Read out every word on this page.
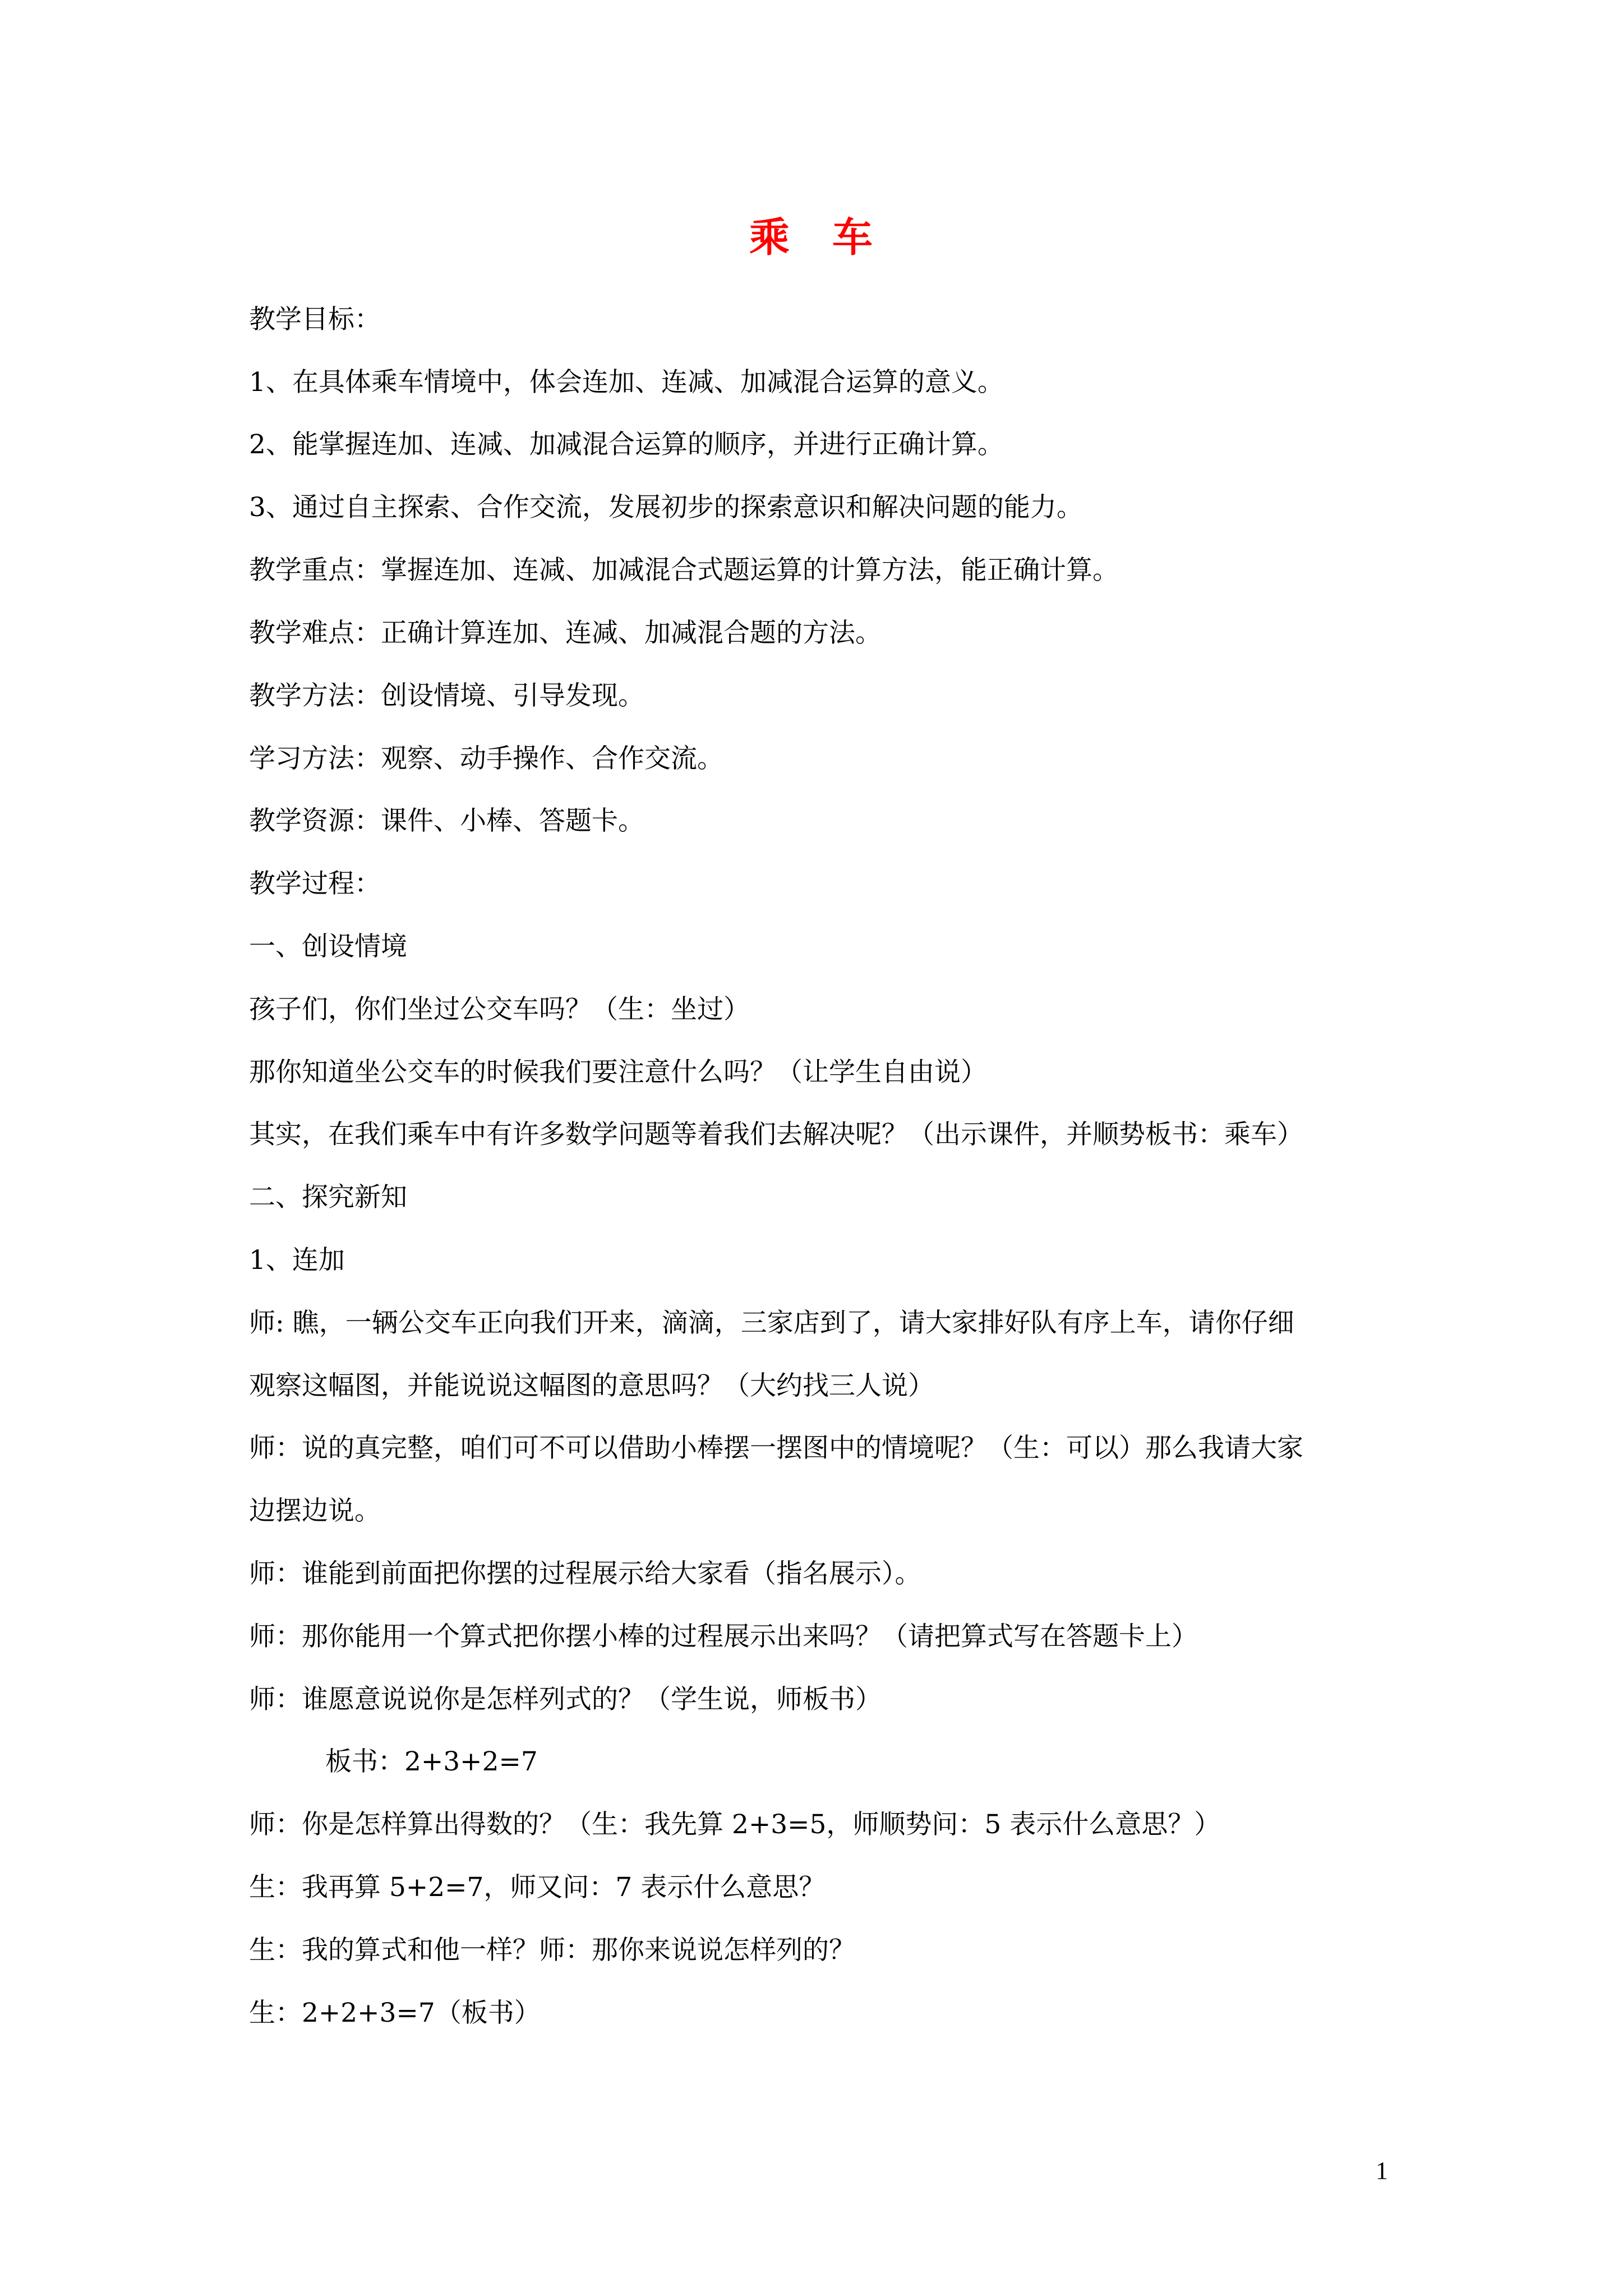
乘　车
教学目标：
1、在具体乘车情境中，体会连加、连减、加减混合运算的意义。
2、能掌握连加、连减、加减混合运算的顺序，并进行正确计算。
3、通过自主探索、合作交流，发展初步的探索意识和解决问题的能力。
教学重点：掌握连加、连减、加减混合式题运算的计算方法，能正确计算。
教学难点：正确计算连加、连减、加减混合题的方法。
教学方法：创设情境、引导发现。
学习方法：观察、动手操作、合作交流。
教学资源：课件、小棒、答题卡。
教学过程：
一、创设情境
孩子们，你们坐过公交车吗？（生：坐过）
那你知道坐公交车的时候我们要注意什么吗？（让学生自由说）
其实，在我们乘车中有许多数学问题等着我们去解决呢？（出示课件，并顺势板书：乘车）
二、探究新知
1、连加
师: 瞧，一辆公交车正向我们开来，滴滴，三家店到了，请大家排好队有序上车，请你仔细
观察这幅图，并能说说这幅图的意思吗？（大约找三人说）
师：说的真完整，咱们可不可以借助小棒摆一摆图中的情境呢？（生：可以）那么我请大家
边摆边说。
师：谁能到前面把你摆的过程展示给大家看（指名展示）。
师：那你能用一个算式把你摆小棒的过程展示出来吗？（请把算式写在答题卡上）
师：谁愿意说说你是怎样列式的？（学生说，师板书）
板书：2+3+2=7
师：你是怎样算出得数的？（生：我先算 2+3=5，师顺势问：5 表示什么意思？）
生：我再算 5+2=7，师又问：7 表示什么意思？
生：我的算式和他一样？师：那你来说说怎样列的？
生：2+2+3=7（板书）
1
